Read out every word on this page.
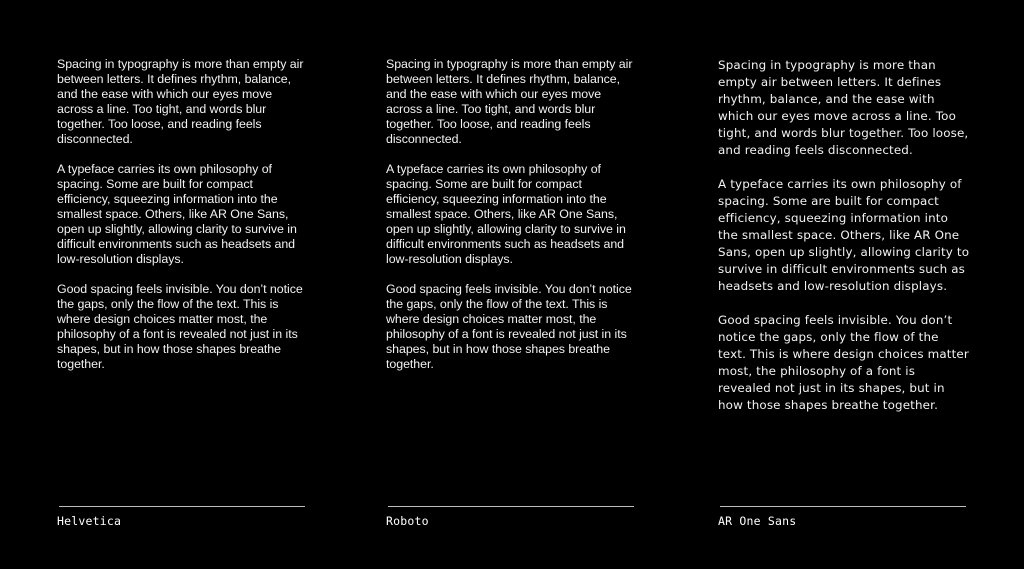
Spacing in typography is more than empty air between letters. It defines rhythm, balance, and the ease with which our eyes move across a line. Too tight, and words blur together. Too loose, and reading feels disconnected.

A typeface carries its own philosophy of spacing. Some are built for compact efficiency, squeezing information into the smallest space. Others, like AR One Sans, open up slightly, allowing clarity to survive in difficult environments such as headsets and low-resolution displays.

Good spacing feels invisible. You don’t notice the gaps, only the flow of the text. This is where design choices matter most, the philosophy of a font is revealed not just in its shapes, but in how those shapes breathe together.

Helvetica

Spacing in typography is more than empty air between letters. It defines rhythm, balance, and the ease with which our eyes move across a line. Too tight, and words blur together. Too loose, and reading feels disconnected.

A typeface carries its own philosophy of spacing. Some are built for compact efficiency, squeezing information into the smallest space. Others, like AR One Sans, open up slightly, allowing clarity to survive in difficult environments such as headsets and low-resolution displays.

Good spacing feels invisible. You don’t notice the gaps, only the flow of the text. This is where design choices matter most, the philosophy of a font is revealed not just in its shapes, but in how those shapes breathe together.

Roboto

Spacing in typography is more than empty air between letters. It defines rhythm, balance, and the ease with which our eyes move across a line. Too tight, and words blur together. Too loose, and reading feels disconnected.

A typeface carries its own philosophy of spacing. Some are built for compact efficiency, squeezing information into the smallest space. Others, like AR One Sans, open up slightly, allowing clarity to survive in difficult environments such as headsets and low-resolution displays.

Good spacing feels invisible. You don’t notice the gaps, only the flow of the text. This is where design choices matter most, the philosophy of a font is revealed not just in its shapes, but in how those shapes breathe together.

AR One Sans
